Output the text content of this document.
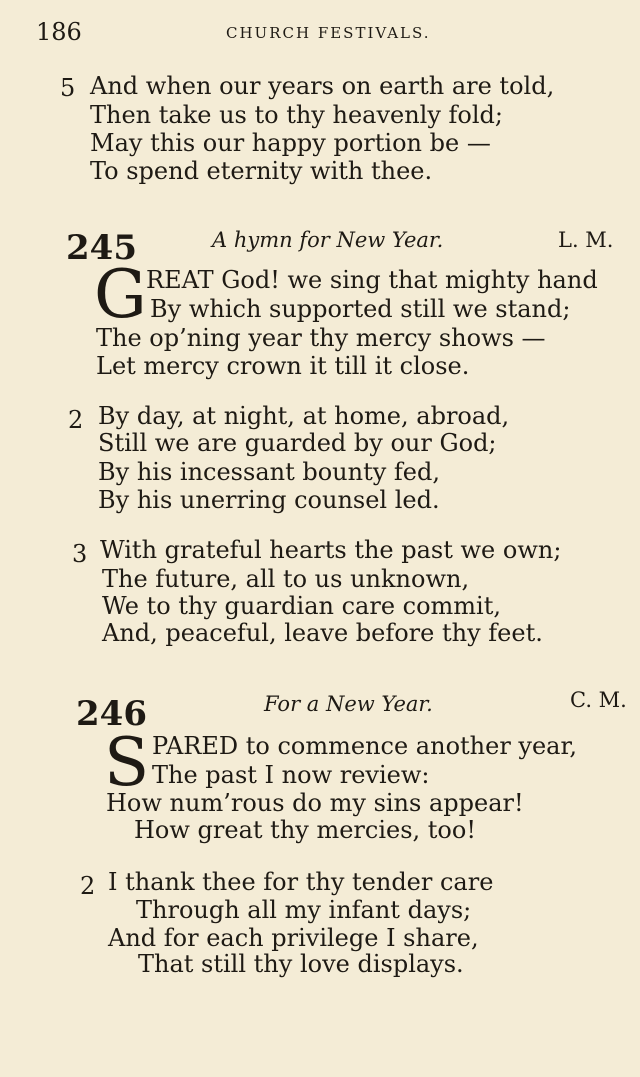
186	CHURCH FESTIVALS.
5 And when our years on earth are told,
Then take us to thy heavenly fold;
May this our happy portion be —
To spend eternity with thee.
245	A hymn for New Year.	L. M.
G REAT God! we sing that mighty hand
By which supported still we stand;
The op’ning year thy mercy shows —
Let mercy crown it till it close.
2 By day, at night, at home, abroad,
Still we are guarded by our God;
By his incessant bounty fed,
By his unerring counsel led.
3 With grateful hearts the past we own;
The future, all to us unknown,
We to thy guardian care commit,
And, peaceful, leave before thy feet.
246	For a New Year.	C. M.
S PARED to commence another year,
The past I now review:
How num’rous do my sins appear!
How great thy mercies, too!
2 I thank thee for thy tender care
Through all my infant days;
And for each privilege I share,
That still thy love displays.
